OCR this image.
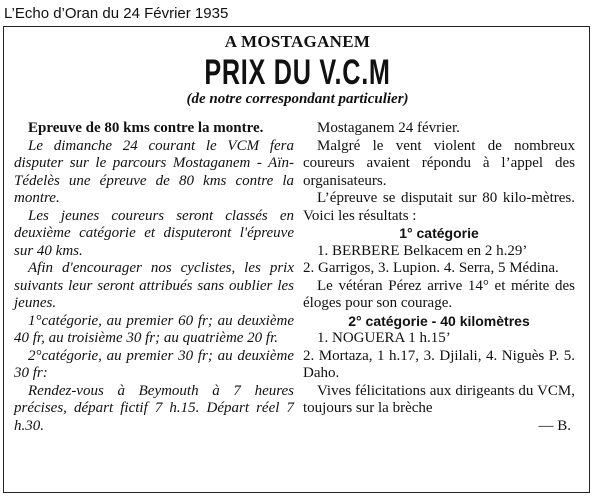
L’Echo d’Oran du 24 Février 1935
A MOSTAGANEM
PRIX DU V.C.M
(de notre correspondant particulier)

Epreuve de 80 kms contre la montre.

Le dimanche 24 courant le VCM fera disputer sur le parcours Mostaganem - Aïn-Tédelès une épreuve de 80 kms contre la montre.

Les jeunes coureurs seront classés en deuxième catégorie et disputeront l'épreuve sur 40 kms.

Afin d'encourager nos cyclistes, les prix suivants leur seront attribués sans oublier les jeunes.

1°catégorie, au premier 60 fr; au deuxième 40 fr, au troisième 30 fr; au quatrième 20 fr.

2°catégorie, au premier 30 fr; au deuxième 30 fr:

Rendez-vous à Beymouth à 7 heures précises, départ fictif 7 h.15. Départ réel 7 h.30.

Mostaganem 24 février.

Malgré le vent violent de nombreux coureurs avaient répondu à l’appel des organisateurs.

L’épreuve se disputait sur 80 kilo-mètres. Voici les résultats :

1° catégorie

1. BERBERE Belkacem en 2 h.29’

2. Garrigos, 3. Lupion. 4. Serra, 5 Médina.

Le vétéran Pérez arrive 14° et mérite des éloges pour son courage.

2° catégorie - 40 kilomètres

1. NOGUERA 1 h.15’

2. Mortaza, 1 h.17, 3. Djilali, 4. Niguès P. 5. Daho.

Vives félicitations aux dirigeants du VCM, toujours sur la brèche

— B.
